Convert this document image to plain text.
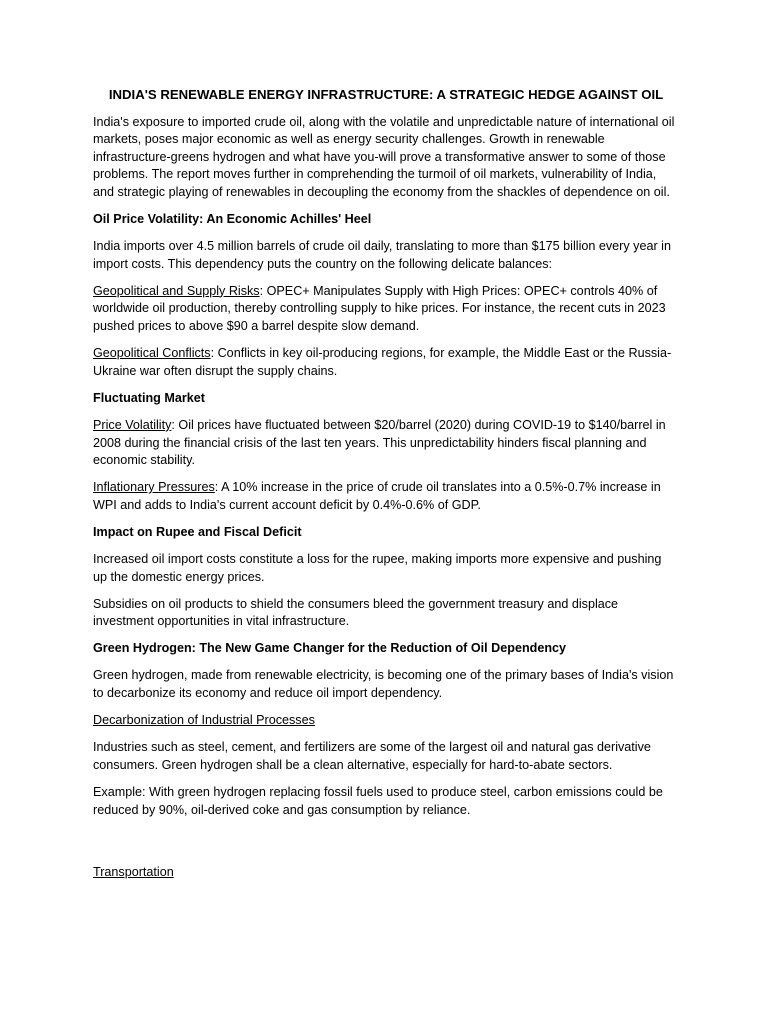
INDIA'S RENEWABLE ENERGY INFRASTRUCTURE: A STRATEGIC HEDGE AGAINST OIL

India's exposure to imported crude oil, along with the volatile and unpredictable nature of international oil markets, poses major economic as well as energy security challenges. Growth in renewable infrastructure-greens hydrogen and what have you-will prove a transformative answer to some of those problems. The report moves further in comprehending the turmoil of oil markets, vulnerability of India, and strategic playing of renewables in decoupling the economy from the shackles of dependence on oil.

Oil Price Volatility: An Economic Achilles' Heel

India imports over 4.5 million barrels of crude oil daily, translating to more than $175 billion every year in import costs. This dependency puts the country on the following delicate balances:

Geopolitical and Supply Risks: OPEC+ Manipulates Supply with High Prices: OPEC+ controls 40% of worldwide oil production, thereby controlling supply to hike prices. For instance, the recent cuts in 2023 pushed prices to above $90 a barrel despite slow demand.

Geopolitical Conflicts: Conflicts in key oil-producing regions, for example, the Middle East or the Russia-Ukraine war often disrupt the supply chains.

Fluctuating Market

Price Volatility: Oil prices have fluctuated between $20/barrel (2020) during COVID-19 to $140/barrel in 2008 during the financial crisis of the last ten years. This unpredictability hinders fiscal planning and economic stability.

Inflationary Pressures: A 10% increase in the price of crude oil translates into a 0.5%-0.7% increase in WPI and adds to India's current account deficit by 0.4%-0.6% of GDP.

Impact on Rupee and Fiscal Deficit

Increased oil import costs constitute a loss for the rupee, making imports more expensive and pushing up the domestic energy prices.

Subsidies on oil products to shield the consumers bleed the government treasury and displace investment opportunities in vital infrastructure.

Green Hydrogen: The New Game Changer for the Reduction of Oil Dependency

Green hydrogen, made from renewable electricity, is becoming one of the primary bases of India's vision to decarbonize its economy and reduce oil import dependency.

Decarbonization of Industrial Processes

Industries such as steel, cement, and fertilizers are some of the largest oil and natural gas derivative consumers. Green hydrogen shall be a clean alternative, especially for hard-to-abate sectors.

Example: With green hydrogen replacing fossil fuels used to produce steel, carbon emissions could be reduced by 90%, oil-derived coke and gas consumption by reliance.

Transportation
